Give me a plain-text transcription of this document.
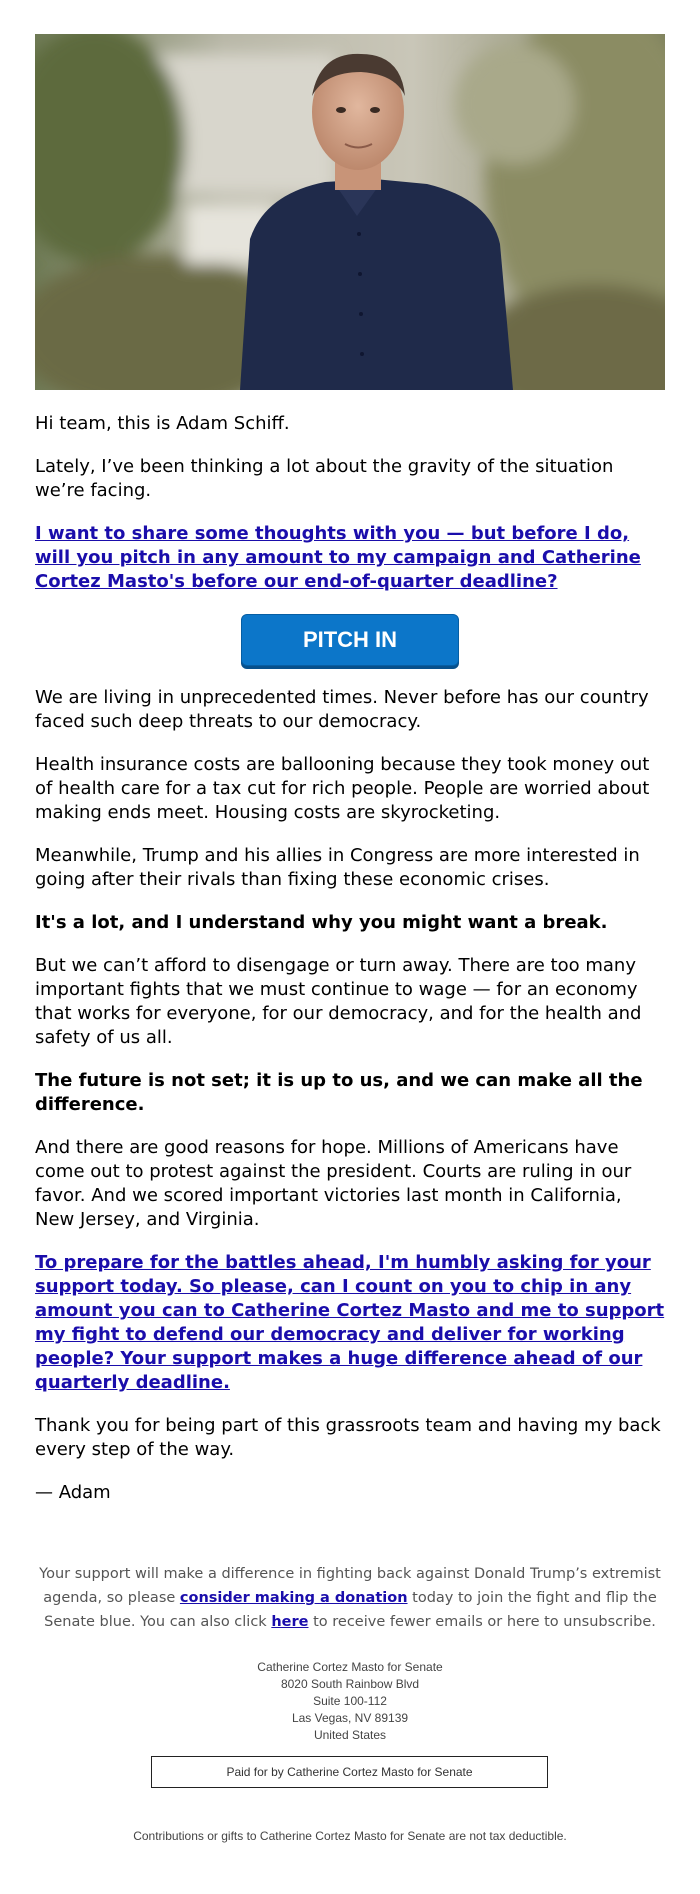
Hi team, this is Adam Schiff.

Lately, I’ve been thinking a lot about the gravity of the situation we’re facing.

I want to share some thoughts with you — but before I do, will you pitch in any amount to my campaign and Catherine Cortez Masto's before our end-of-quarter deadline?

PITCH IN

We are living in unprecedented times. Never before has our country faced such deep threats to our democracy.

Health insurance costs are ballooning because they took money out of health care for a tax cut for rich people. People are worried about making ends meet. Housing costs are skyrocketing.

Meanwhile, Trump and his allies in Congress are more interested in going after their rivals than fixing these economic crises.

It's a lot, and I understand why you might want a break.

But we can’t afford to disengage or turn away. There are too many important fights that we must continue to wage — for an economy that works for everyone, for our democracy, and for the health and safety of us all.

The future is not set; it is up to us, and we can make all the difference.

And there are good reasons for hope. Millions of Americans have come out to protest against the president. Courts are ruling in our favor. And we scored important victories last month in California, New Jersey, and Virginia.

To prepare for the battles ahead, I'm humbly asking for your support today. So please, can I count on you to chip in any amount you can to Catherine Cortez Masto and me to support my fight to defend our democracy and deliver for working people? Your support makes a huge difference ahead of our quarterly deadline.

Thank you for being part of this grassroots team and having my back every step of the way.

— Adam

Your support will make a difference in fighting back against Donald Trump’s extremist agenda, so please consider making a donation today to join the fight and flip the Senate blue. You can also click here to receive fewer emails or here to unsubscribe.
Catherine Cortez Masto for Senate
8020 South Rainbow Blvd
Suite 100-112
Las Vegas, NV 89139
United States
Paid for by Catherine Cortez Masto for Senate
Contributions or gifts to Catherine Cortez Masto for Senate are not tax deductible.
